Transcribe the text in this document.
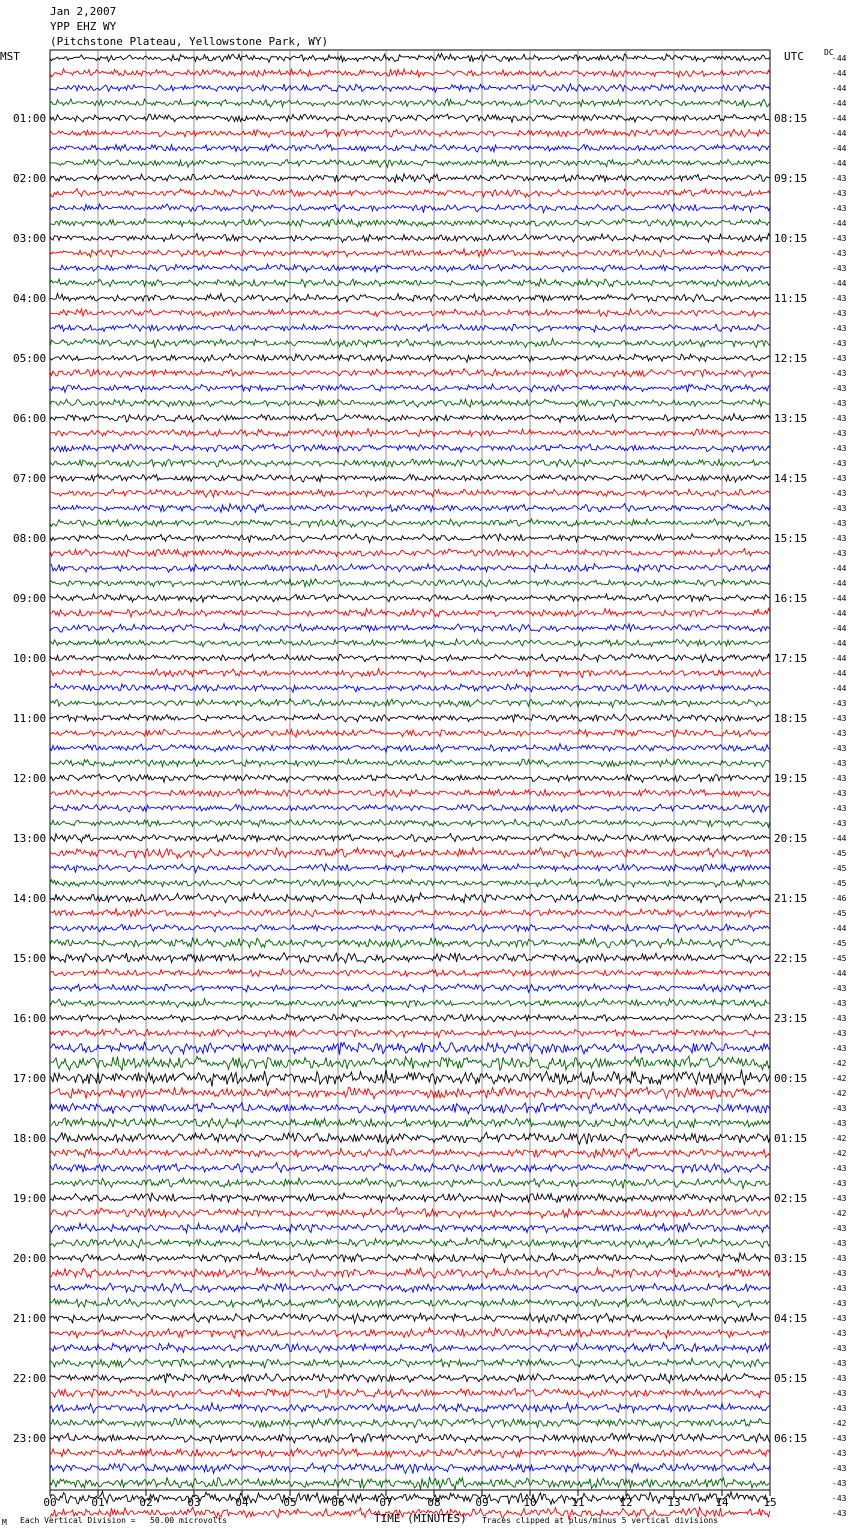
-44
-44
-44
-44
-44
-44
-44
-44
-43
-43
-43
-44
-43
-43
-43
-44
-43
-43
-43
-43
-43
-43
-43
-43
-43
-43
-43
-43
-43
-43
-43
-43
-43
-43
-44
-44
-44
-44
-44
-44
-44
-44
-44
-43
-43
-43
-43
-43
-43
-43
-43
-43
-44
-45
-45
-45
-46
-45
-44
-45
-45
-44
-43
-43
-43
-43
-43
-42
-42
-42
-43
-43
-42
-42
-43
-43
-43
-42
-43
-43
-43
-43
-43
-43
-43
-43
-43
-43
-43
-43
-43
-42
-43
-43
-43
-43
-43
-43
01:00
02:00
03:00
04:00
05:00
06:00
07:00
08:00
09:00
10:00
11:00
12:00
13:00
14:00
15:00
16:00
17:00
18:00
19:00
20:00
21:00
22:00
23:00
08:15
09:15
10:15
11:15
12:15
13:15
14:15
15:15
16:15
17:15
18:15
19:15
20:15
21:15
22:15
23:15
00:15
01:15
02:15
03:15
04:15
05:15
06:15
00	01	02	03	04	05	06	07	08	09	10	11	12	13	14	15
Jan 2,2007
YPP EHZ WY
(Pitchstone Plateau, Yellowstone Park, WY)
MST	UTC	DC
M Each Vertical Division =   50.00 microvolts	TIME (MINUTES) Traces clipped at plus/minus 5 vertical divisions
